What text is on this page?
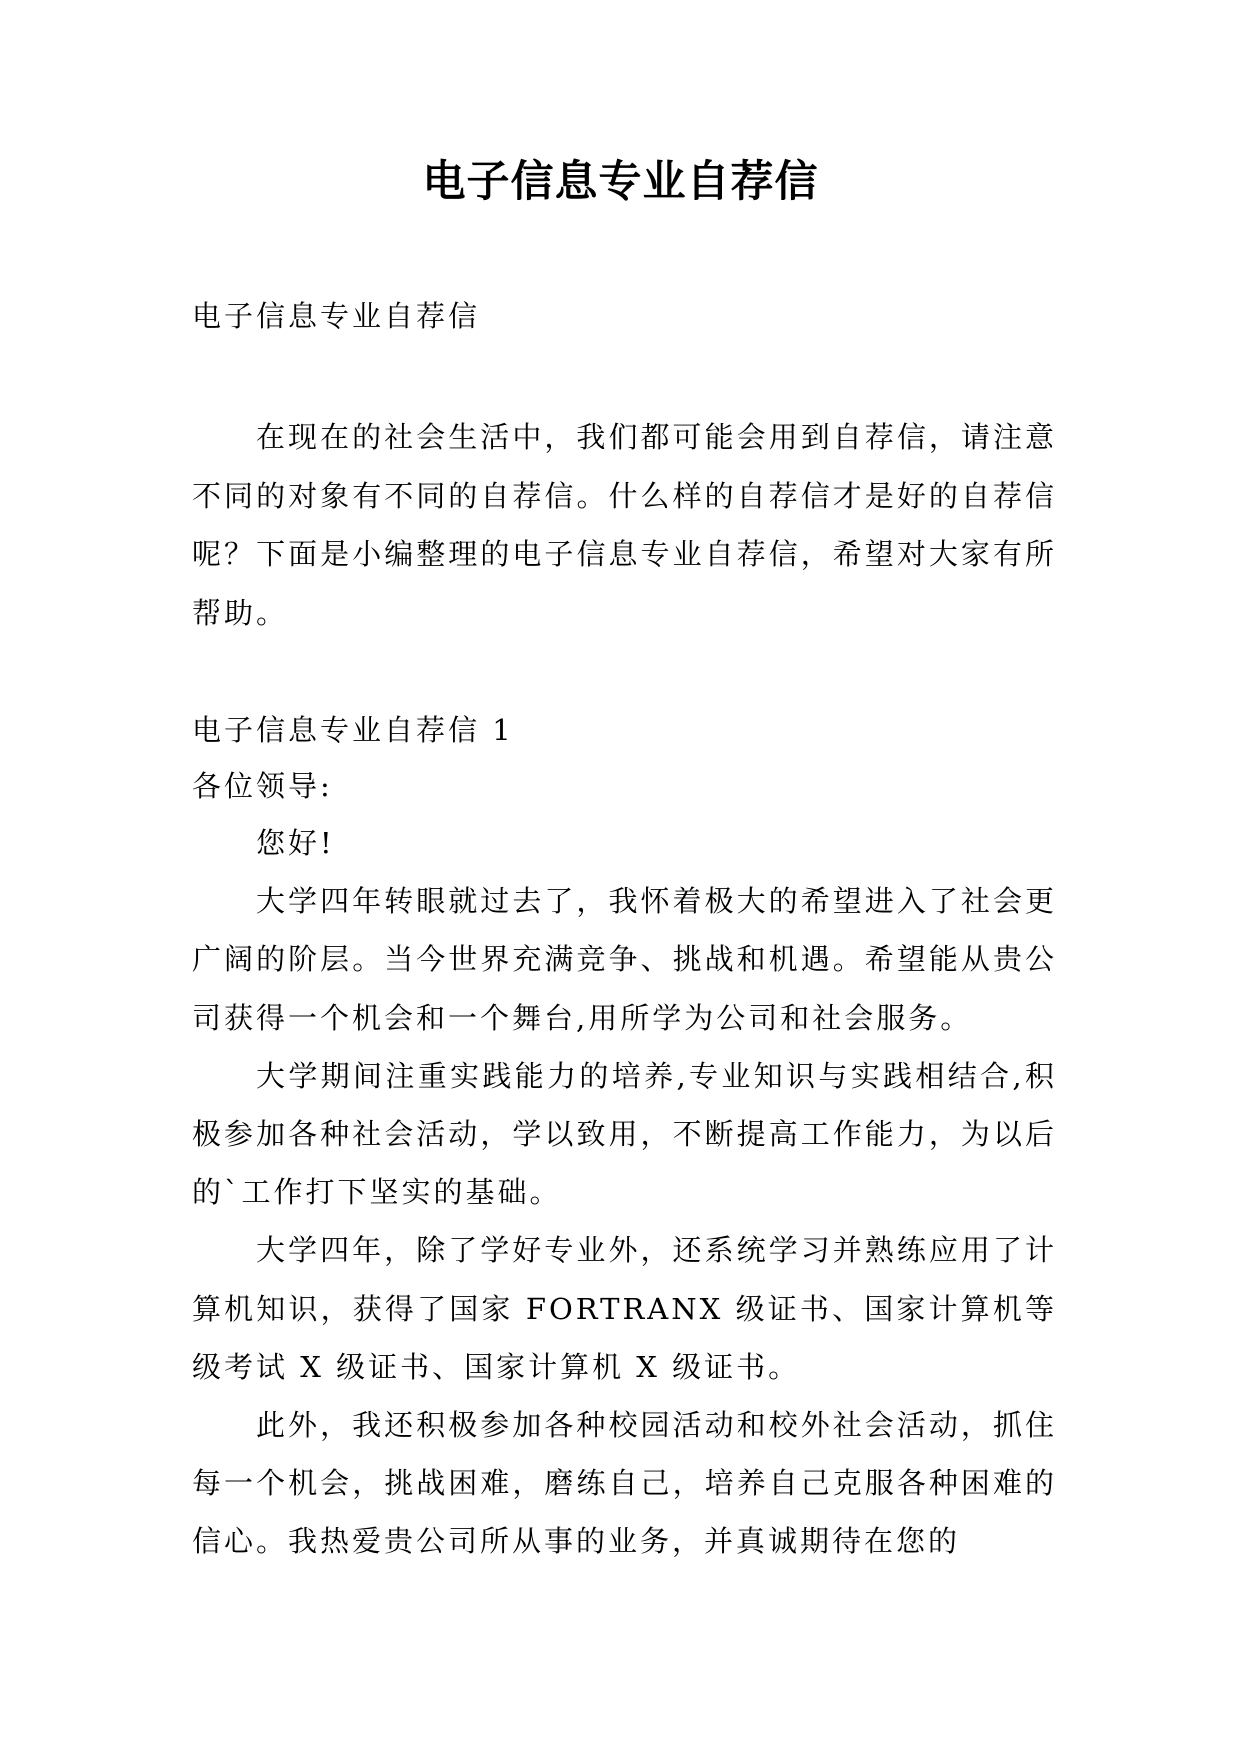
电子信息专业自荐信
电子信息专业自荐信

在现在的社会生活中，我们都可能会用到自荐信，请注意不同的对象有不同的自荐信。什么样的自荐信才是好的自荐信呢？下面是小编整理的电子信息专业自荐信，希望对大家有所帮助。

电子信息专业自荐信 1
各位领导:

您好!

大学四年转眼就过去了，我怀着极大的希望进入了社会更广阔的阶层。当今世界充满竞争、挑战和机遇。希望能从贵公司获得一个机会和一个舞台,用所学为公司和社会服务。

大学期间注重实践能力的培养,专业知识与实践相结合,积极参加各种社会活动，学以致用，不断提高工作能力，为以后的`工作打下坚实的基础。

大学四年，除了学好专业外，还系统学习并熟练应用了计算机知识，获得了国家 FORTRANX 级证书、国家计算机等级考试 X 级证书、国家计算机 X 级证书。

此外，我还积极参加各种校园活动和校外社会活动，抓住每一个机会，挑战困难，磨练自己，培养自己克服各种困难的信心。我热爱贵公司所从事的业务，并真诚期待在您的
